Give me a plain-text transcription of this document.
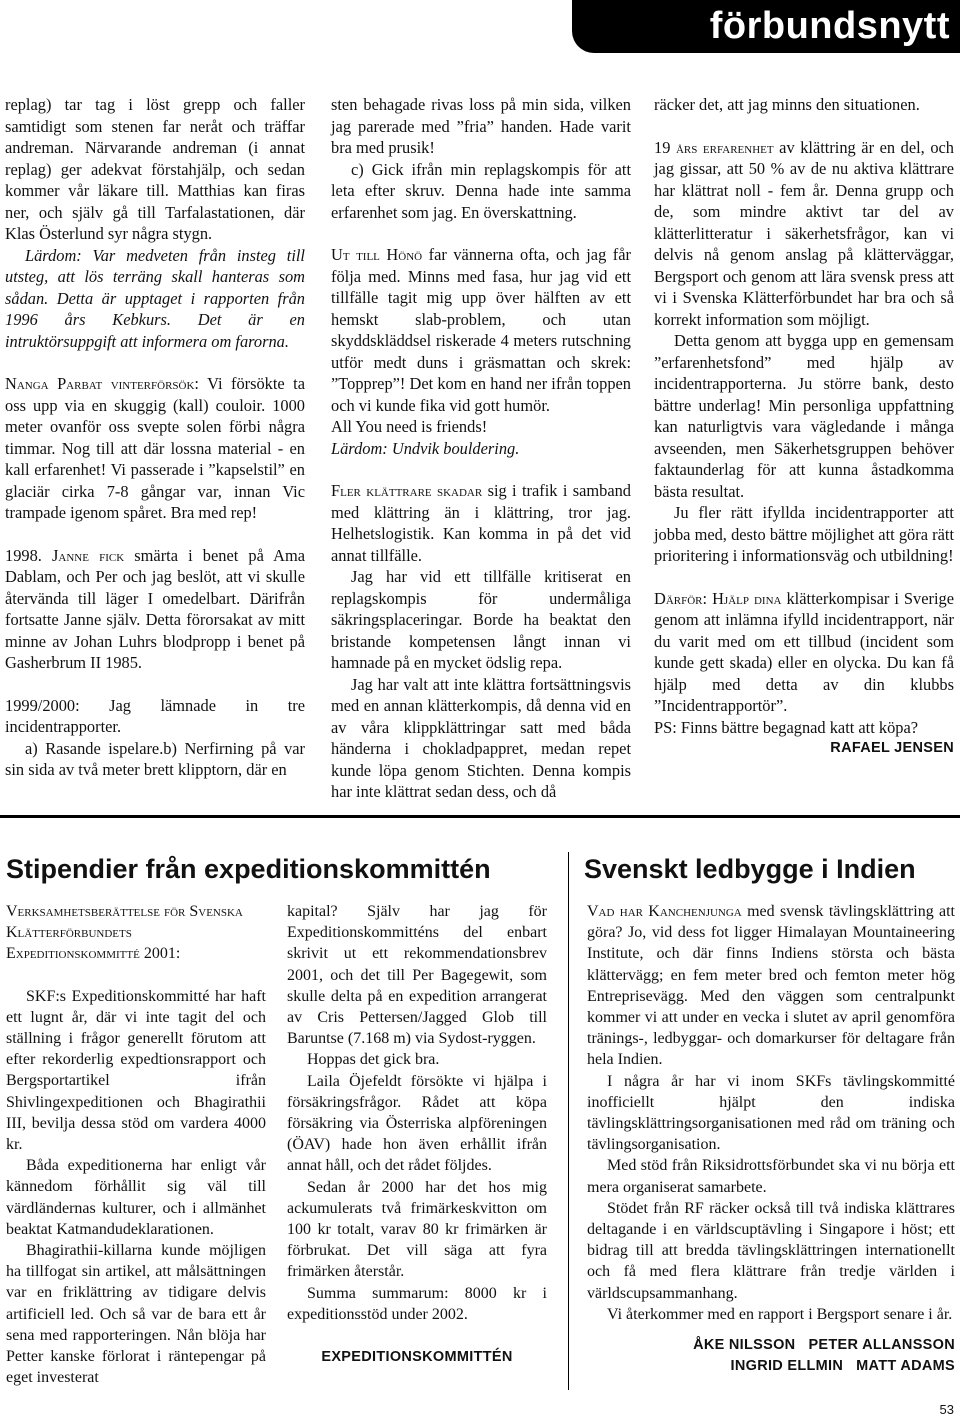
förbundsnytt

replag) tar tag i löst grepp och faller samtidigt som stenen far neråt och träffar andreman. Närvarande andreman (i annat replag) ger adekvat förstahjälp, och sedan kommer vår läkare till. Matthias kan firas ner, och själv gå till Tarfalastationen, där Klas Österlund syr några stygn.

Lärdom: Var medveten från insteg till utsteg, att lös terräng skall hanteras som sådan. Detta är upptaget i rapporten från 1996 års Kebkurs. Det är en intruktörsuppgift att informera om farorna.

Nanga Parbat vinterförsök: Vi försökte ta oss upp via en skuggig (kall) couloir. 1000 meter ovanför oss svepte solen förbi några timmar. Nog till att där lossna material - en kall erfarenhet! Vi passerade i ”kapselstil” en glaciär cirka 7-8 gångar var, innan Vic trampade igenom spåret. Bra med rep!

1998. Janne fick smärta i benet på Ama Dablam, och Per och jag beslöt, att vi skulle återvända till läger I omedelbart. Därifrån fortsatte Janne själv. Detta förorsakat av mitt minne av Johan Luhrs blodpropp i benet på Gasherbrum II 1985.

1999/2000: Jag lämnade in tre incidentrapporter.

a) Rasande ispelare.b) Nerfirning på var sin sida av två meter brett klipptorn, där en

sten behagade rivas loss på min sida, vilken jag parerade med ”fria” handen. Hade varit bra med prusik!

c) Gick ifrån min replagskompis för att leta efter skruv. Denna hade inte samma erfarenhet som jag. En överskattning.

Ut till Hönö far vännerna ofta, och jag får följa med. Minns med fasa, hur jag vid ett tillfälle tagit mig upp över hälften av ett hemskt slab-problem, och utan skyddskläddsel riskerade 4 meters rutschning utför medt duns i gräsmattan och skrek: ”Topprep”! Det kom en hand ner ifrån toppen och vi kunde fika vid gott humör.

All You need is friends!

Lärdom: Undvik bouldering.

Fler klättrare skadar sig i trafik i samband med klättring än i klättring, tror jag. Helhetslogistik. Kan komma in på det vid annat tillfälle.

Jag har vid ett tillfälle kritiserat en replagskompis för undermåliga säkringsplaceringar. Borde ha beaktat den bristande kompetensen långt innan vi hamnade på en mycket ödslig repa.

Jag har valt att inte klättra fortsättningsvis med en annan klätterkompis, då denna vid en av våra klippklättringar satt med båda händerna i chokladpappret, medan repet kunde löpa genom Stichten. Denna kompis har inte klättrat sedan dess, och då

räcker det, att jag minns den situationen.

19 års erfarenhet av klättring är en del, och jag gissar, att 50 % av de nu aktiva klättrare har klättrat noll - fem år. Denna grupp och de, som mindre aktivt tar del av klätterlitteratur i säkerhetsfrågor, kan vi delvis nå genom anslag på klätterväggar, Bergsport och genom att lära svensk press att vi i Svenska Klätterförbundet har bra och så korrekt information som möjligt.

Detta genom att bygga upp en gemensam ”erfarenhetsfond” med hjälp av incidentrapporterna. Ju större bank, desto bättre underlag! Min personliga uppfattning kan naturligtvis vara vägledande i många avseenden, men Säkerhetsgruppen behöver faktaunderlag för att kunna åstadkomma bästa resultat.

Ju fler rätt ifyllda incidentrapporter att jobba med, desto bättre möjlighet att göra rätt prioritering i informationsväg och utbildning!

Därför: Hjälp dina klätterkompisar i Sverige genom att inlämna ifylld incidentrapport, när du varit med om ett tillbud (incident som kunde gett skada) eller en olycka. Du kan få hjälp med detta av din klubbs ”Incidentrapportör”.

PS: Finns bättre begagnad katt att köpa?

RAFAEL JENSEN
Stipendier från expeditionskommittén

Verksamhetsberättelse för Svenska Klätterförbundets Expeditionskommitté 2001:

SKF:s Expeditionskommitté har haft ett lugnt år, där vi inte tagit del och ställning i frågor generellt förutom att efter rekorderlig expedtionsrapport och Bergsportartikel ifrån Shivlingexpeditionen och Bhagirathii III, bevilja dessa stöd om vardera 4000 kr.

Båda expeditionerna har enligt vår kännedom förhållit sig väl till värdländernas kulturer, och i allmänhet beaktat Katmandudeklarationen.

Bhagirathii-killarna kunde möjligen ha tillfogat sin artikel, att målsättningen var en friklättring av tidigare delvis artificiell led. Och så var de bara ett år sena med rapporteringen. Nån blöja har Petter kanske förlorat i räntepengar på eget investerat

kapital? Själv har jag för Expeditionskommitténs del enbart skrivit ut ett rekommendationsbrev 2001, och det till Per Bagegewit, som skulle delta på en expedition arrangerat av Cris Pettersen/Jagged Glob till Baruntse (7.168 m) via Sydost-ryggen.

Hoppas det gick bra.

Laila Öjefeldt försökte vi hjälpa i försäkringsfrågor. Rådet att köpa försäkring via Österriska alpföreningen (ÖAV) hade hon även erhållit ifrån annat håll, och det rådet följdes.

Sedan år 2000 har det hos mig ackumulerats två frimärkeskvitton om 100 kr totalt, varav 80 kr frimärken är förbrukat. Det vill säga att fyra frimärken återstår.

Summa summarum: 8000 kr i expeditionsstöd under 2002.

EXPEDITIONSKOMMITTÉN
Svenskt ledbygge i Indien

Vad har Kanchenjunga med svensk tävlingsklättring att göra? Jo, vid dess fot ligger Himalayan Mountaineering Institute, och där finns Indiens största och bästa klättervägg; en fem meter bred och femton meter hög Entreprisevägg. Med den väggen som centralpunkt kommer vi att under en vecka i slutet av april genomföra tränings-, ledbyggar- och domarkurser för deltagare från hela Indien.

I några år har vi inom SKFs tävlingskommitté inofficiellt hjälpt den indiska tävlingsklättringsorganisationen med råd om träning och tävlingsorganisation.

Med stöd från Riksidrottsförbundet ska vi nu börja ett mera organiserat samarbete.

Stödet från RF räcker också till två indiska klättrares deltagande i en världscuptävling i Singapore i höst; ett bidrag till att bredda tävlingsklättringen internationellt och få med flera klättrare från tredje världen i världscupsammanhang.

Vi återkommer med en rapport i Bergsport senare i år.

ÅKE NILSSON   PETER ALLANSSON
INGRID ELLMIN   MATT ADAMS
53
